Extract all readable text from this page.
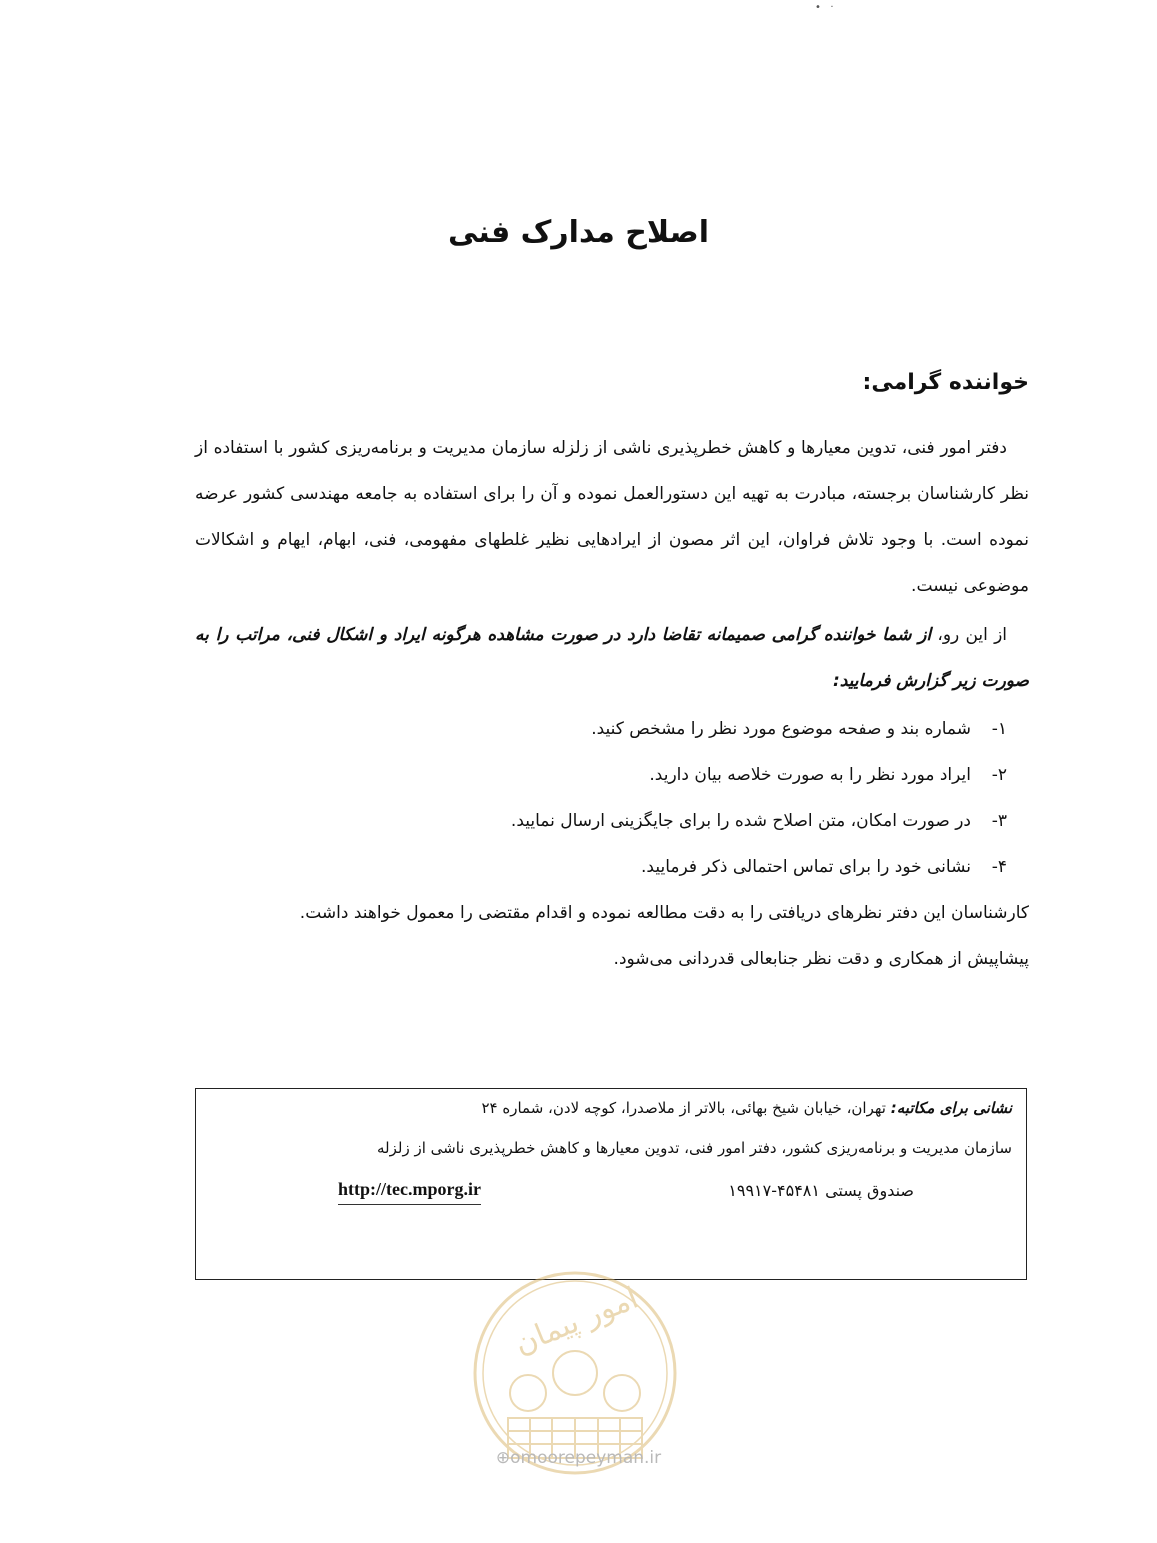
•   ·
اصلاح مدارک فنی
خواننده گرامی:
دفتر امور فنی، تدوین معیارها و کاهش خطرپذیری ناشی از زلزله سازمان مدیریت و برنامه‌ریزی کشور با استفاده از نظر کارشناسان برجسته، مبادرت به تهیه این دستورالعمل نموده و آن را برای استفاده به جامعه مهندسی کشور عرضه نموده است. با وجود تلاش فراوان، این اثر مصون از ایرادهایی نظیر غلطهای مفهومی، فنی، ابهام، ایهام و اشکالات موضوعی نیست.
از این رو، از شما خواننده گرامی صمیمانه تقاضا دارد در صورت مشاهده هرگونه ایراد و اشکال فنی، مراتب را به صورت زیر گزارش فرمایید:
۱-شماره بند و صفحه موضوع مورد نظر را مشخص کنید.
۲-ایراد مورد نظر را به صورت خلاصه بیان دارید.
۳-در صورت امکان، متن اصلاح شده را برای جایگزینی ارسال نمایید.
۴-نشانی خود را برای تماس احتمالی ذکر فرمایید.
کارشناسان این دفتر نظرهای دریافتی را به دقت مطالعه نموده و اقدام مقتضی را معمول خواهند داشت.
پیشاپیش از همکاری و دقت نظر جنابعالی قدردانی می‌شود.
نشانی برای مکاتبه: تهران، خیابان شیخ بهائی، بالاتر از ملاصدرا، کوچه لادن، شماره ۲۴
سازمان مدیریت و برنامه‌ریزی کشور، دفتر امور فنی، تدوین معیارها و کاهش خطرپذیری ناشی از زلزله
صندوق پستی ۴۵۴۸۱-۱۹۹۱۷
http://tec.mporg.ir
امور پیمان
⊕omoorepeyman.ir
